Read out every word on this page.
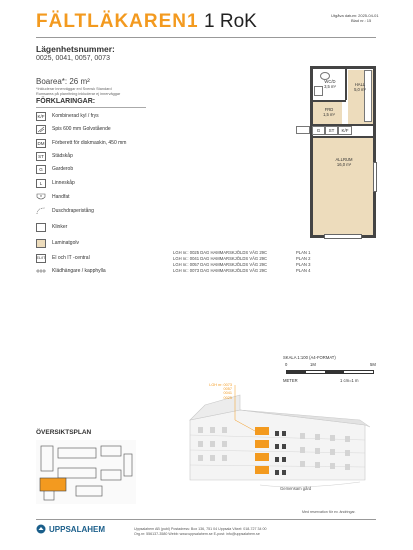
FÄLTLÄKAREN1 1 RoK	Utgåva datum: 2025-04-01
Blad nr.: 15
Lägenhetsnummer:
0025, 0041, 0057, 0073
Boarea*: 26 m²
*Inkluderar innerväggar enl Svensk Standard
Rumsarea på planritning inkluderar ej innerväggar
FÖRKLARINGAR:
K/F	Kombinerad kyl / frys
Spis 600 mm Golvstående
DM	Förberett för diskmaskin, 450 mm
ST	Städskåp
G	Garderob
L	Linneskåp
Handfat
Duschdraperistång
Klinker
Laminatgolv
EL/IT El och IT -central
Klädhängare / kapphylla
G	ST	K/F
WC/D
3,5 m²	HALL
5,0 m²
FRD
1,5 m²
ALLRUM
16,0 m²
LGH nr.: 0025 DAG HAMMARSKJÖLDS VÄG 29C	PLAN 1
LGH nr.: 0041 DAG HAMMARSKJÖLDS VÄG 29C	PLAN 2
LGH nr.: 0057 DAG HAMMARSKJÖLDS VÄG 29C	PLAN 3
LGH nr.: 0073 DAG HAMMARSKJÖLDS VÄG 29C	PLAN 4
SKALA 1:100 (A4-FORMAT)
0	1M	5M
METER	1 cm=1 m
LGH nr: 0073
0057
0041
0025
Gemensam gård
ÖVERSIKTSPLAN
Med reservation för ev. ändringar.
UPPSALAHEM	Uppsalahem AB (publ) Postadress: Box 136, 751 04 Uppsala Växel: 018-727 34 00
Org.nr: 556137-3580 Webb: www.uppsalahem.se E-post: info@uppsalahem.se
